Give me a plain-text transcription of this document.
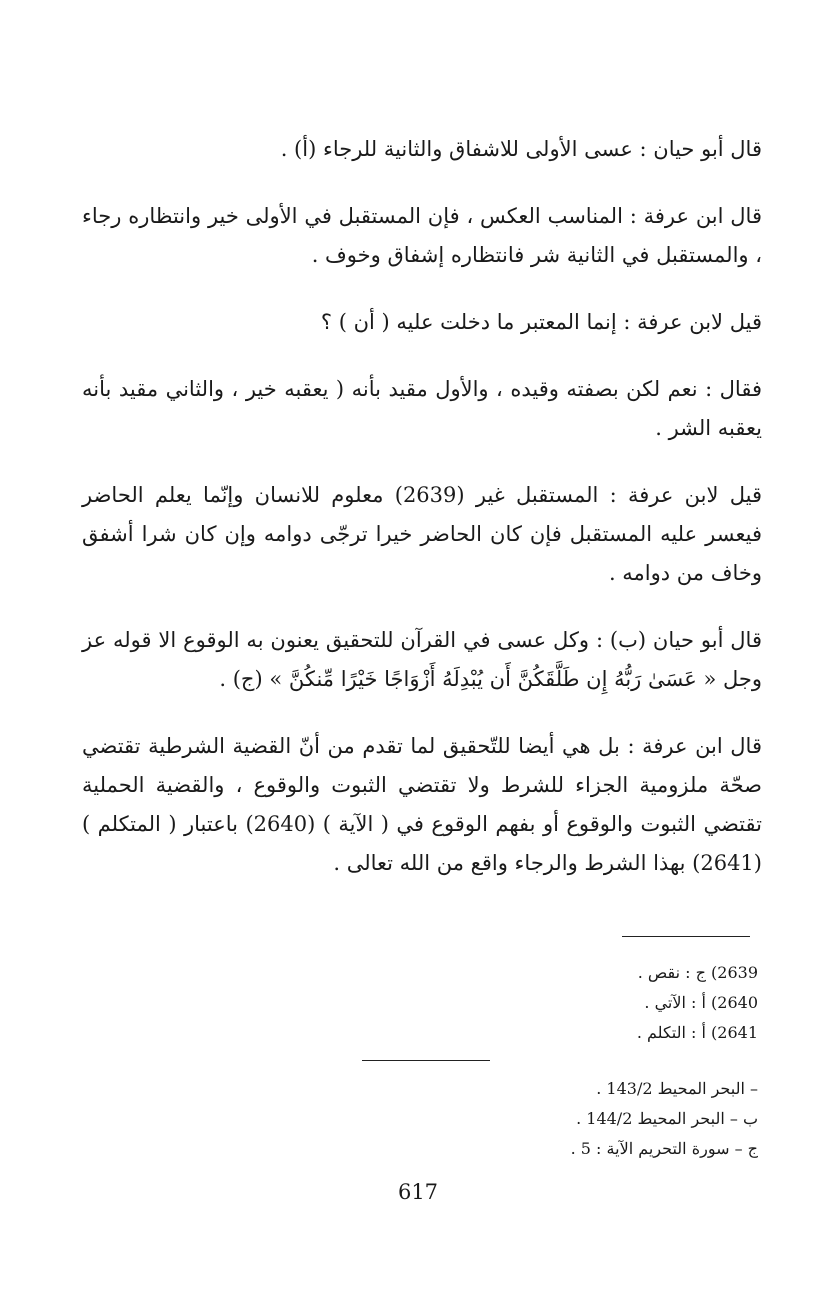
قال أبو حيان : عسى الأولى للاشفاق والثانية للرجاء (أ) .

قال ابن عرفة : المناسب العكس ، فإن المستقبل في الأولى خير وانتظاره رجاء ، والمستقبل في الثانية شر فانتظاره إشفاق وخوف .

قيل لابن عرفة : إنما المعتبر ما دخلت عليه ( أن ) ؟

فقال : نعم لكن بصفته وقيده ، والأول مقيد بأنه ( يعقبه خير ، والثاني مقيد بأنه يعقبه الشر .

قيل لابن عرفة : المستقبل غير (2639) معلوم للانسان وإنّما يعلم الحاضر فيعسر عليه المستقبل فإن كان الحاضر خيرا ترجّى دوامه وإن كان شرا أشفق وخاف من دوامه .

قال أبو حيان (ب) : وكل عسى في القرآن للتحقيق يعنون به الوقوع الا قوله عز وجل « عَسَىٰ رَبُّهُ إِن طَلَّقَكُنَّ أَن يُبْدِلَهُ أَزْوَاجًا خَيْرًا مِّنكُنَّ » (ج) .

قال ابن عرفة : بل هي أيضا للتّحقيق لما تقدم من أنّ القضية الشرطية تقتضي صحّة ملزومية الجزاء للشرط ولا تقتضي الثبوت والوقوع ، والقضية الحملية تقتضي الثبوت والوقوع أو بفهم الوقوع في ( الآية ) (2640) باعتبار ( المتكلم ) (2641) بهذا الشرط والرجاء واقع من الله تعالى .

2639) ج : نقص .
2640) أ : الآتي .
2641) أ : التكلم .
– البحر المحيط 143/2 .
ب – البحر المحيط 144/2 .
ج – سورة التحريم الآية : 5 .
617
